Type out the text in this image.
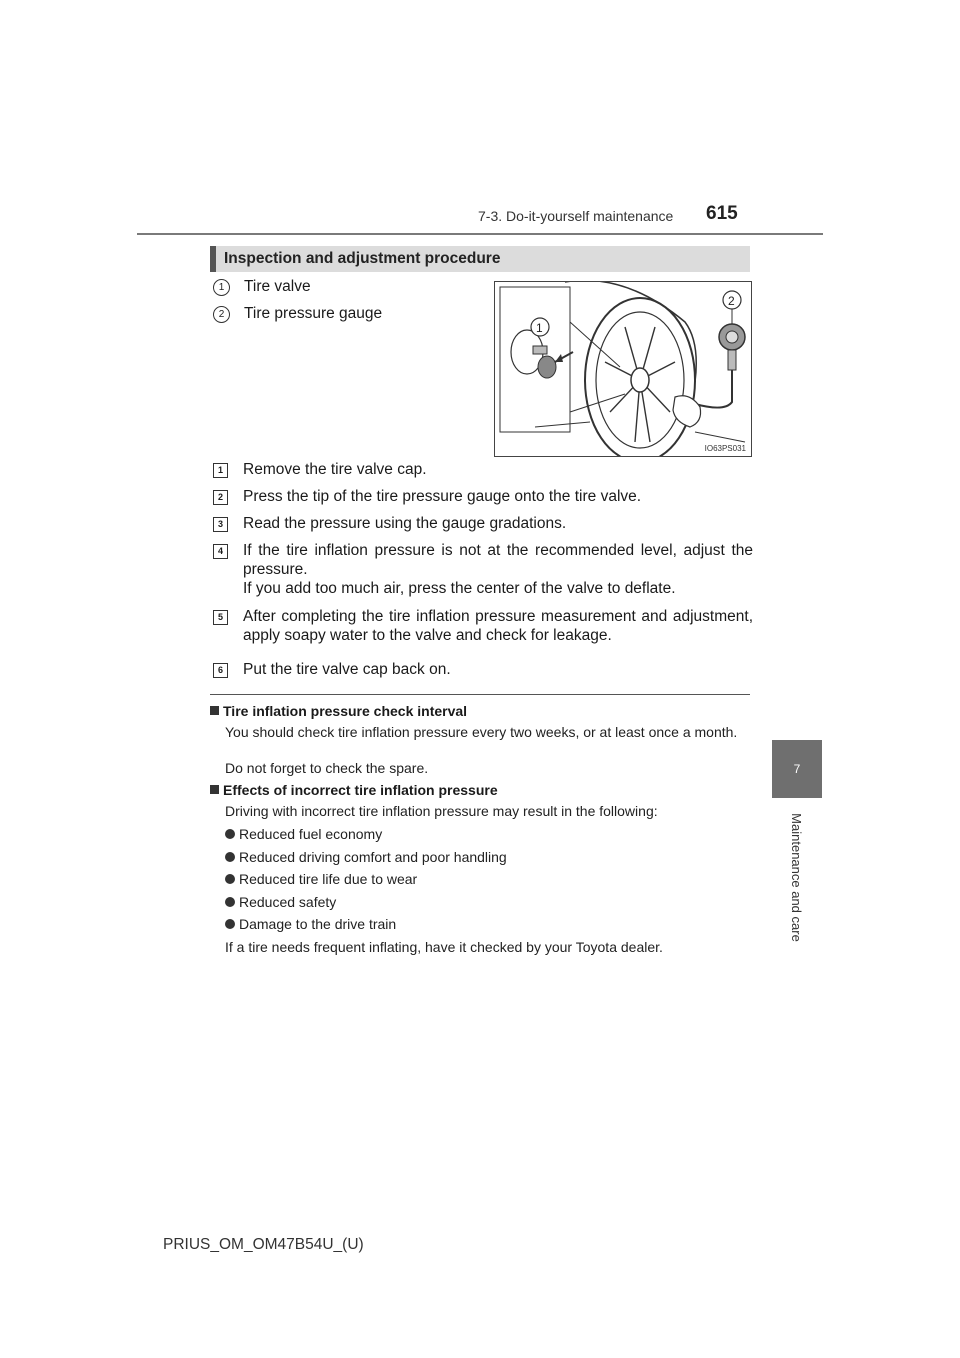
7-3. Do-it-yourself maintenance 615
7
Maintenance and care
Inspection and adjustment procedure
1	Tire valve
2	Tire pressure gauge
1
2
IO63PS031
1	Remove the tire valve cap.
2	Press the tip of the tire pressure gauge onto the tire valve.
3	Read the pressure using the gauge gradations.
4	If the tire inflation pressure is not at the recommended level, adjust the pressure.
If you add too much air, press the center of the valve to deflate.
5	After completing the tire inflation pressure measurement and adjustment, apply soapy water to the valve and check for leakage.
6	Put the tire valve cap back on.
Tire inflation pressure check interval
You should check tire inflation pressure every two weeks, or at least once a month.
Do not forget to check the spare.
Effects of incorrect tire inflation pressure
Driving with incorrect tire inflation pressure may result in the following:
Reduced fuel economy
Reduced driving comfort and poor handling
Reduced tire life due to wear
Reduced safety
Damage to the drive train
If a tire needs frequent inflating, have it checked by your Toyota dealer.
PRIUS_OM_OM47B54U_(U)
